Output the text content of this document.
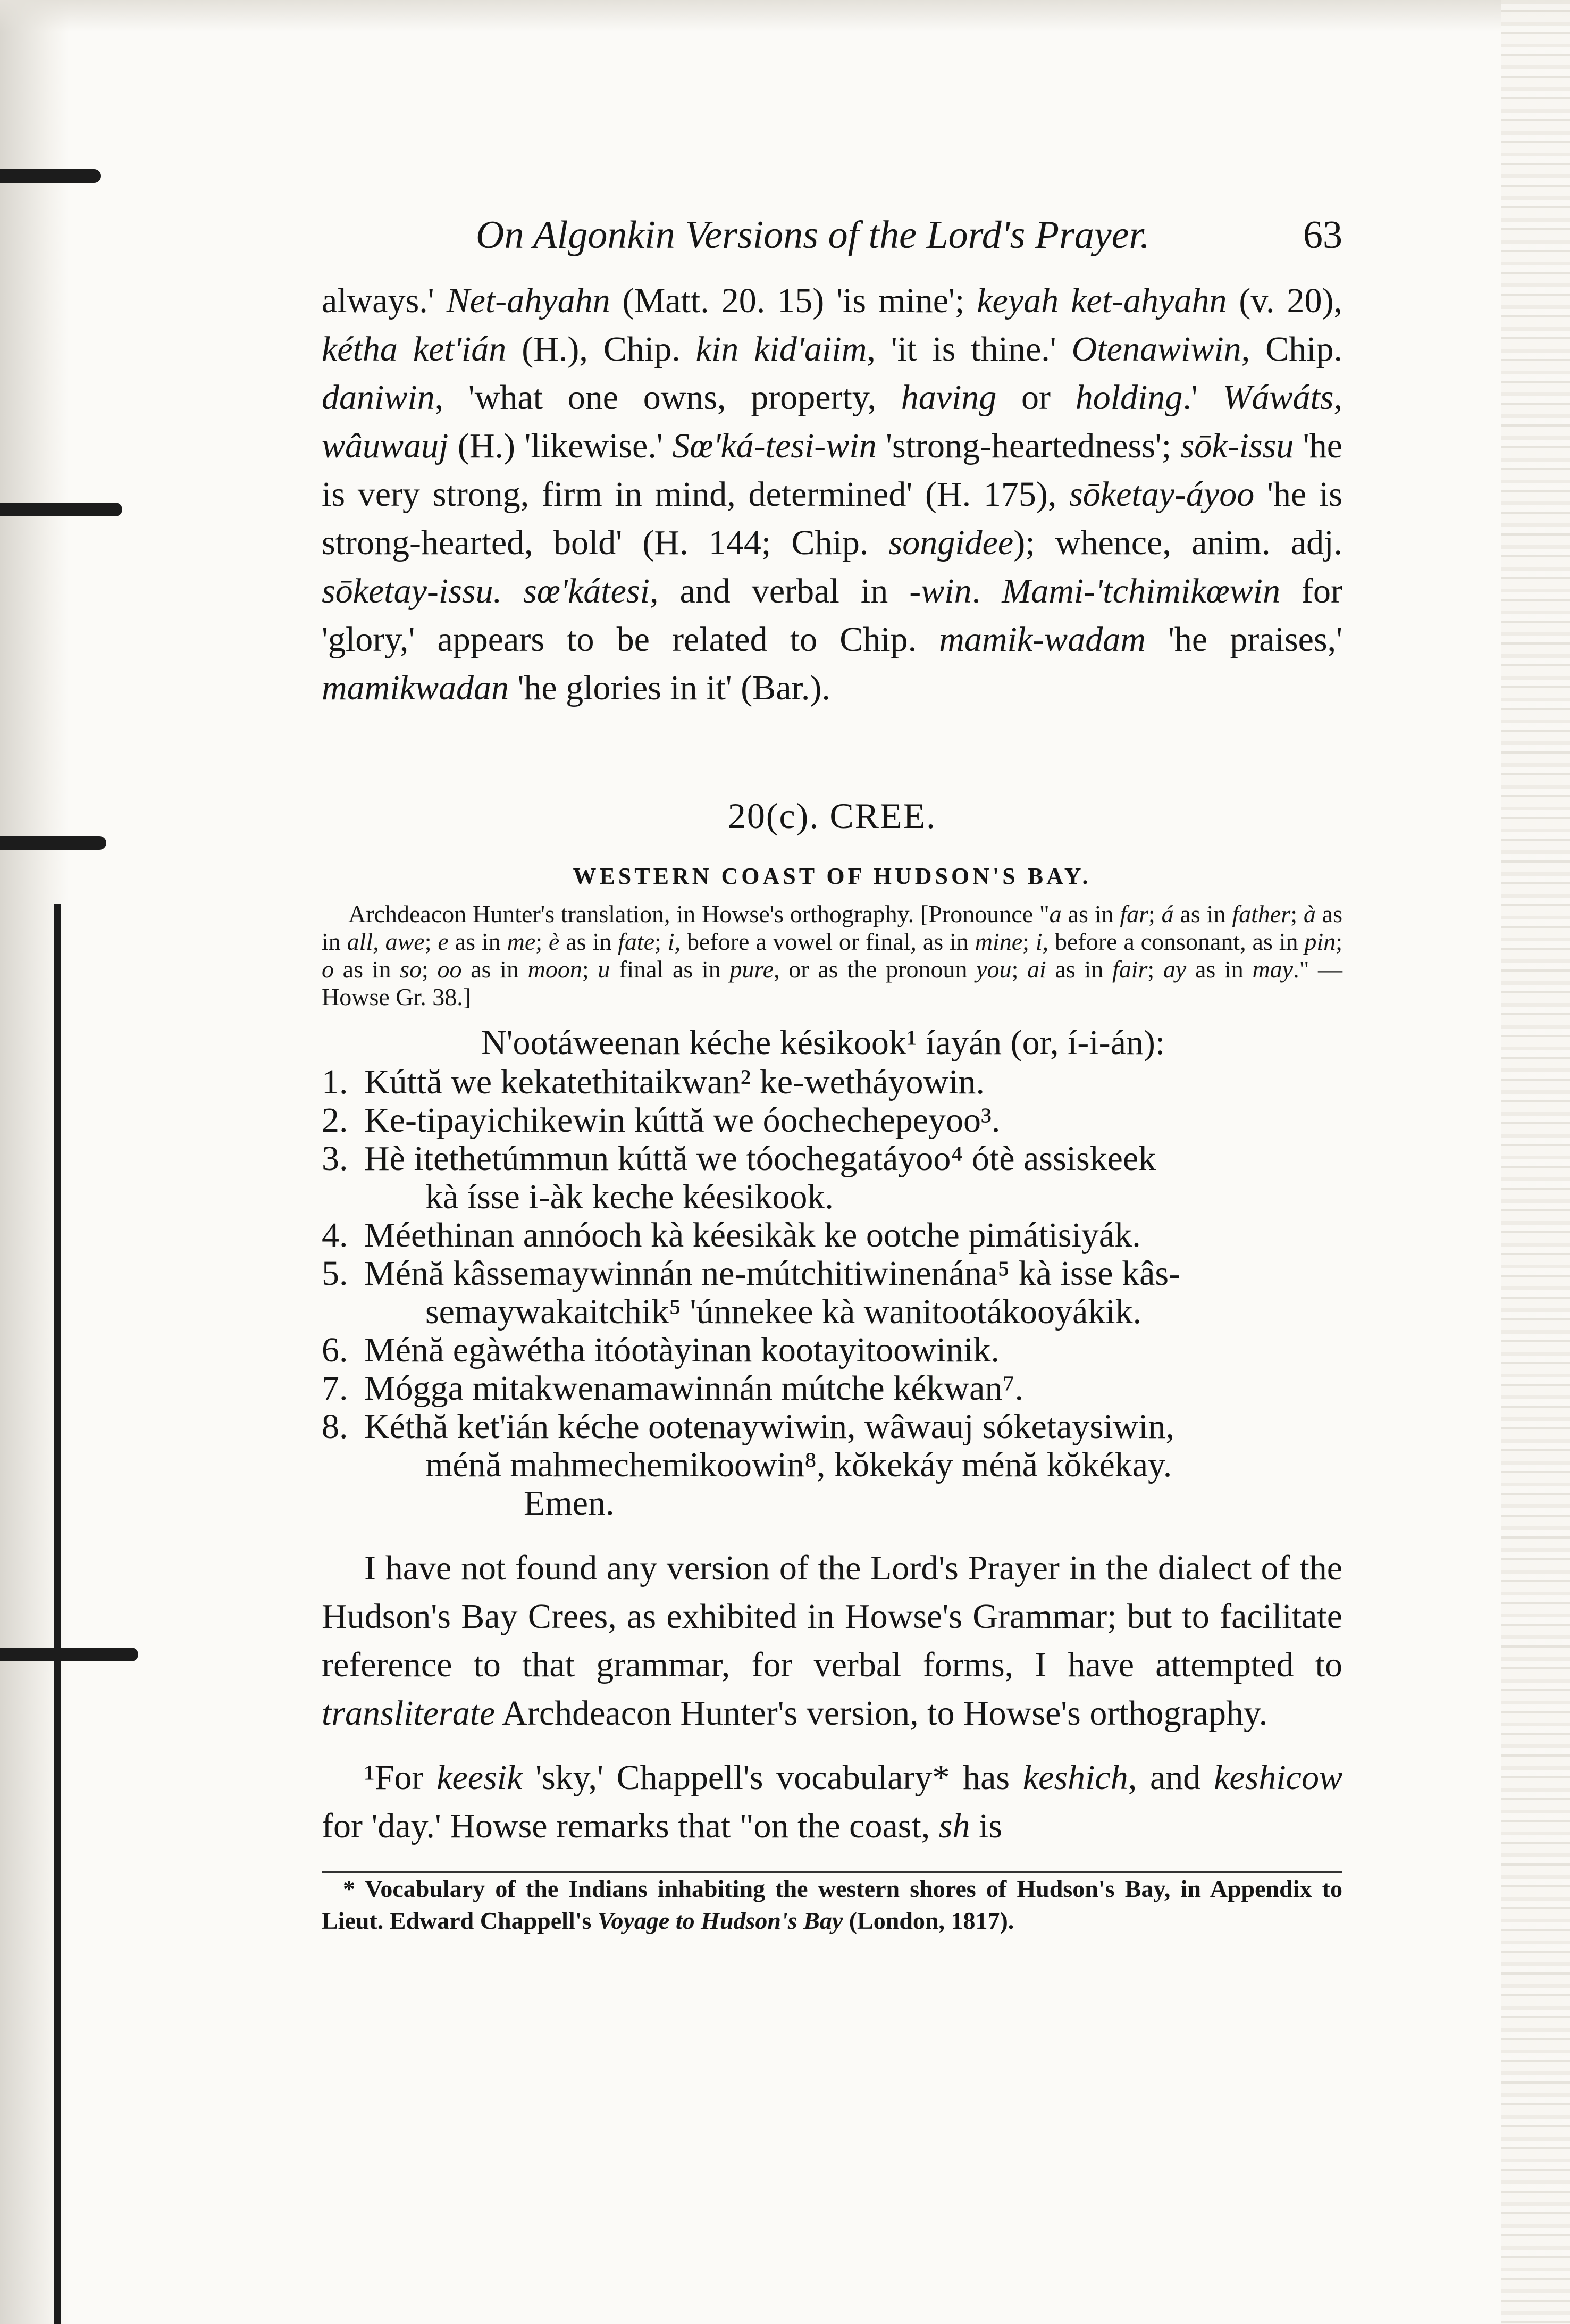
On Algonkin Versions of the Lord's Prayer.	63

always.' Net-ahyahn (Matt. 20. 15) 'is mine'; keyah ket-ahyahn (v. 20), kétha ket'ián (H.), Chip. kin kid'aiim, 'it is thine.' Otenawiwin, Chip. daniwin, 'what one owns, property, having or holding.' Wáwáts, wâuwauj (H.) 'likewise.' Sœ'ká-tesi-win 'strong-heartedness'; sōk-issu 'he is very strong, firm in mind, determined' (H. 175), sōketay-áyoo 'he is strong-hearted, bold' (H. 144; Chip. songidee); whence, anim. adj. sōketay-issu. sœ'kátesi, and verbal in -win. Mami-'tchimikœwin for 'glory,' appears to be related to Chip. mamik-wadam 'he praises,' mamikwadan 'he glories in it' (Bar.).

20(c). CREE.
WESTERN COAST OF HUDSON'S BAY.

Archdeacon Hunter's translation, in Howse's orthography. [Pronounce "a as in far; á as in father; à as in all, awe; e as in me; è as in fate; i, before a vowel or final, as in mine; i, before a consonant, as in pin; o as in so; oo as in moon; u final as in pure, or as the pronoun you; ai as in fair; ay as in may." — Howse Gr. 38.]

N'ootáweenan kéche késikook¹ íayán (or, í-i-án):
1. Kúttă we kekatethitaikwan² ke-wetháyowin.
2. Ke-tipayichikewin kúttă we óochechepeyoo³.
3. Hè itethetúmmun kúttă we tóochegatáyoo⁴ ótè assiskeek
kà ísse i-àk keche kéesikook.
4. Méethinan annóoch kà kéesikàk ke ootche pimátisiyák.
5. Ménă kâssemaywinnán ne-mútchitiwinenána⁵ kà isse kâs-
semaywakaitchik⁵ 'únnekee kà wanitootákooyákik.
6. Ménă egàwétha itóotàyinan kootayitoowinik.
7. Mógga mitakwenamawinnán mútche kékwan⁷.
8. Kéthă ket'ián kéche ootenaywiwin, wâwauj sóketaysiwin,
ménă mahmechemikoowin⁸, kŏkekáy ménă kŏkékay.
Emen.

I have not found any version of the Lord's Prayer in the dialect of the Hudson's Bay Crees, as exhibited in Howse's Grammar; but to facilitate reference to that grammar, for verbal forms, I have attempted to transliterate Archdeacon Hunter's version, to Howse's orthography.

¹For keesik 'sky,' Chappell's vocabulary* has keshich, and keshicow for 'day.' Howse remarks that "on the coast, sh is

* Vocabulary of the Indians inhabiting the western shores of Hudson's Bay, in Appendix to Lieut. Edward Chappell's Voyage to Hudson's Bay (London, 1817).
